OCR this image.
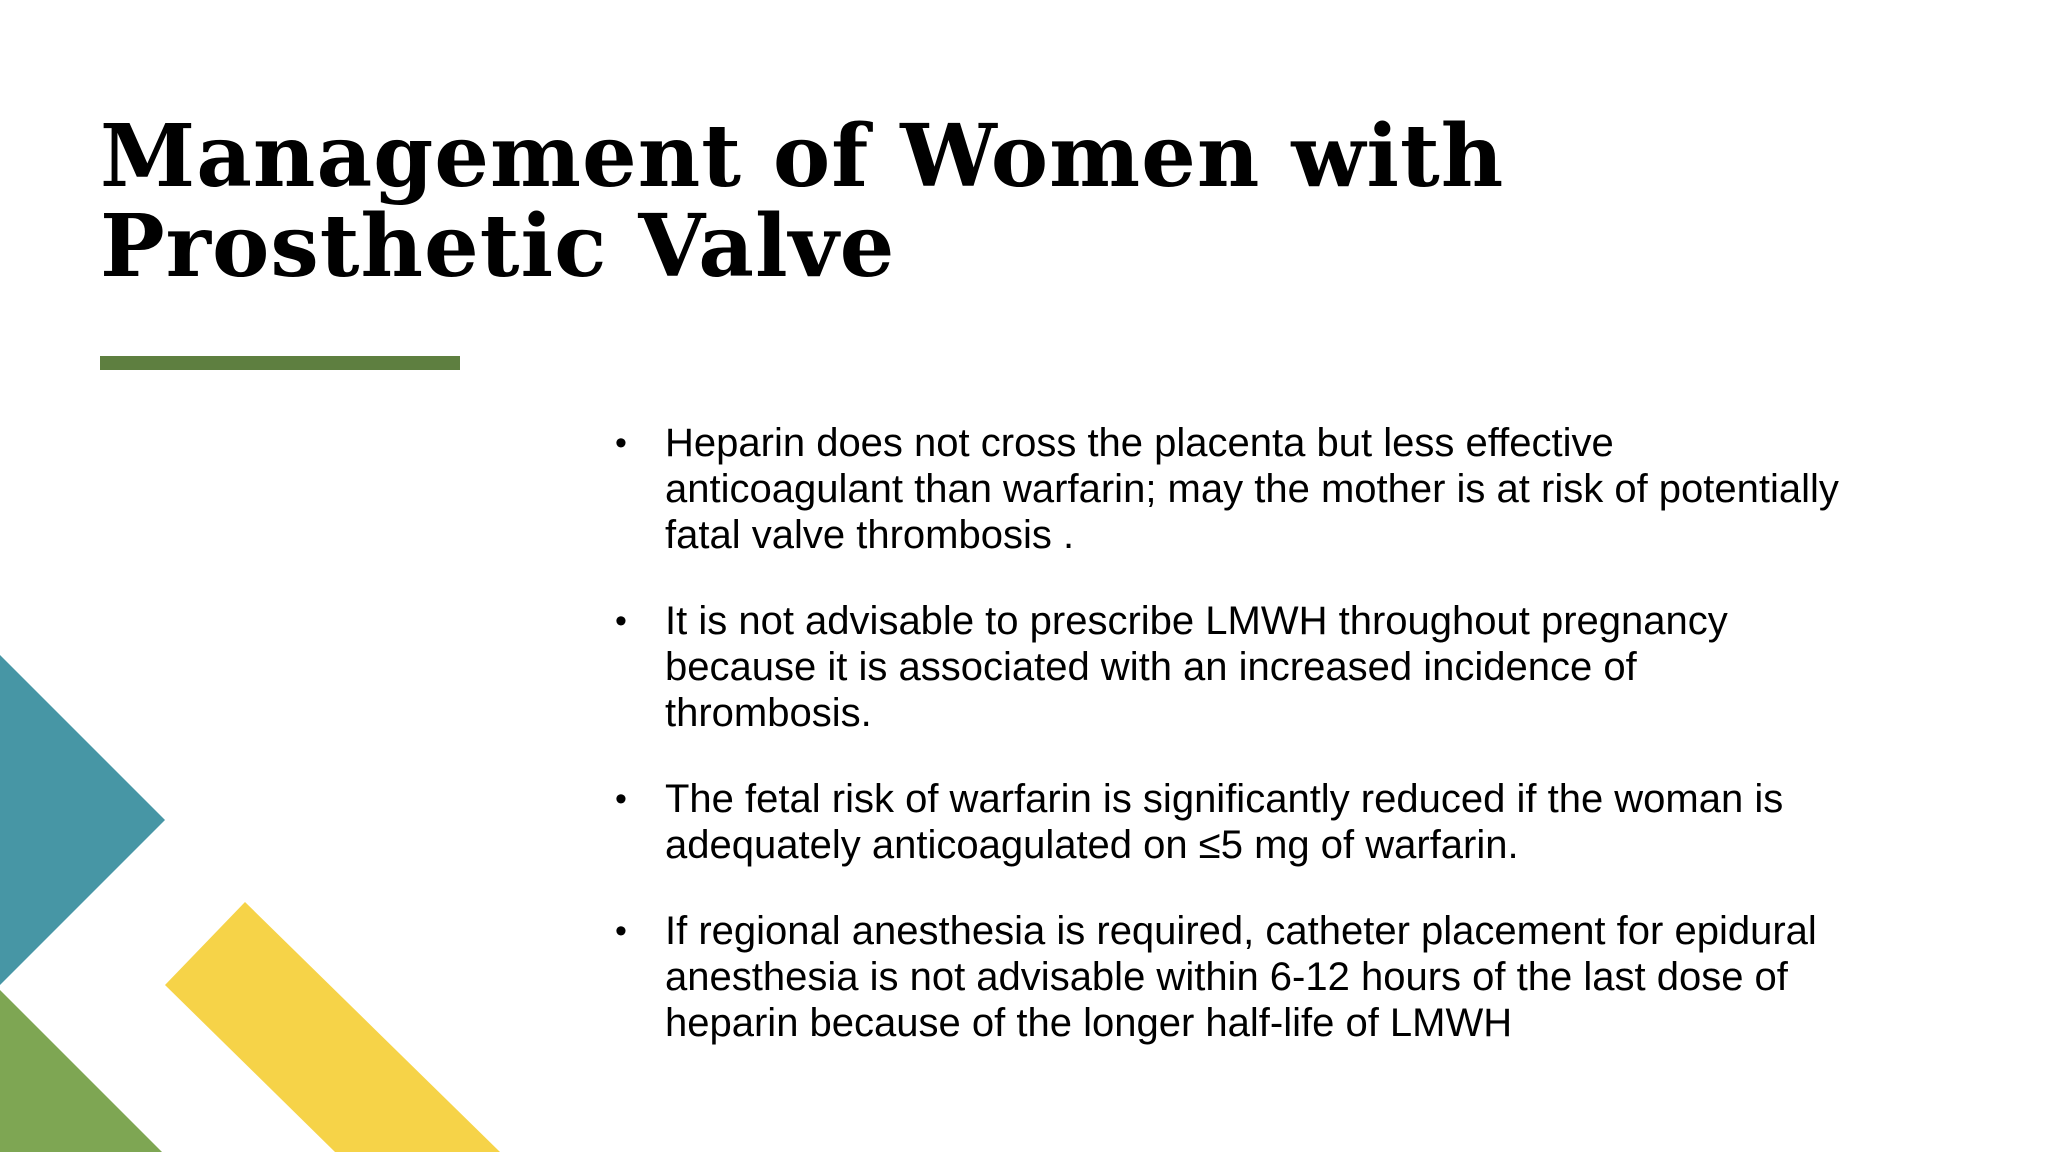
Management of Women with
Prosthetic Valve
• Heparin does not cross the placenta but less effective
anticoagulant than warfarin; may the mother is at risk of potentially
fatal valve thrombosis .
• It is not advisable to prescribe LMWH throughout pregnancy
because it is associated with an increased incidence of
thrombosis.
• The fetal risk of warfarin is significantly reduced if the woman is
adequately anticoagulated on ≤5 mg of warfarin.
• If regional anesthesia is required, catheter placement for epidural
anesthesia is not advisable within 6-12 hours of the last dose of
heparin because of the longer half-life of LMWH
